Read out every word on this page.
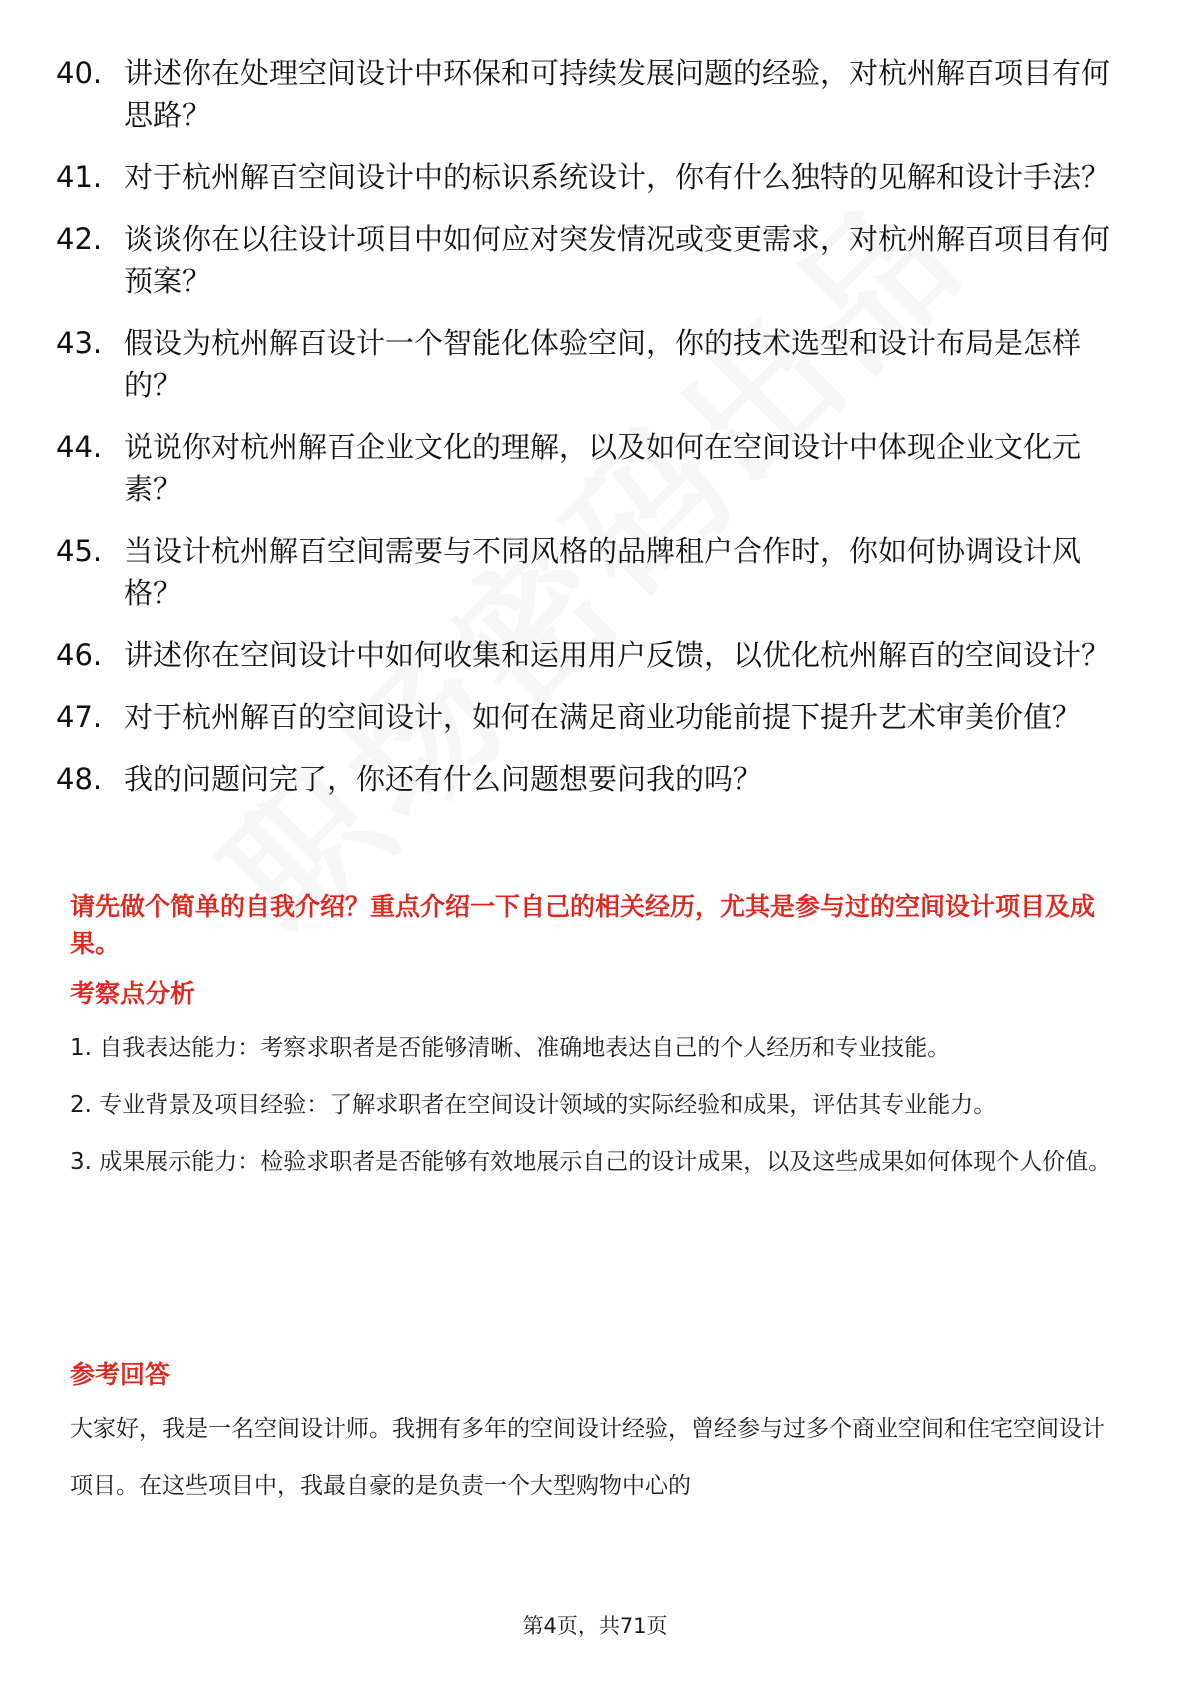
40. 讲述你在处理空间设计中环保和可持续发展问题的经验，对杭州解百项目有何思路？
41. 对于杭州解百空间设计中的标识系统设计，你有什么独特的见解和设计手法？
42. 谈谈你在以往设计项目中如何应对突发情况或变更需求，对杭州解百项目有何预案？
43. 假设为杭州解百设计一个智能化体验空间，你的技术选型和设计布局是怎样的？
44. 说说你对杭州解百企业文化的理解，以及如何在空间设计中体现企业文化元素？
45. 当设计杭州解百空间需要与不同风格的品牌租户合作时，你如何协调设计风格？
46. 讲述你在空间设计中如何收集和运用用户反馈，以优化杭州解百的空间设计？
47. 对于杭州解百的空间设计，如何在满足商业功能前提下提升艺术审美价值？
48. 我的问题问完了，你还有什么问题想要问我的吗？
请先做个简单的自我介绍？重点介绍一下自己的相关经历，尤其是参与过的空间设计项目及成果。
考察点分析
1. 自我表达能力：考察求职者是否能够清晰、准确地表达自己的个人经历和专业技能。
2. 专业背景及项目经验：了解求职者在空间设计领域的实际经验和成果，评估其专业能力。
3. 成果展示能力：检验求职者是否能够有效地展示自己的设计成果，以及这些成果如何体现个人价值。
参考回答
大家好，我是一名空间设计师。我拥有多年的空间设计经验，曾经参与过多个商业空间和住宅空间设计项目。在这些项目中，我最自豪的是负责一个大型购物中心的
第4页，共71页
